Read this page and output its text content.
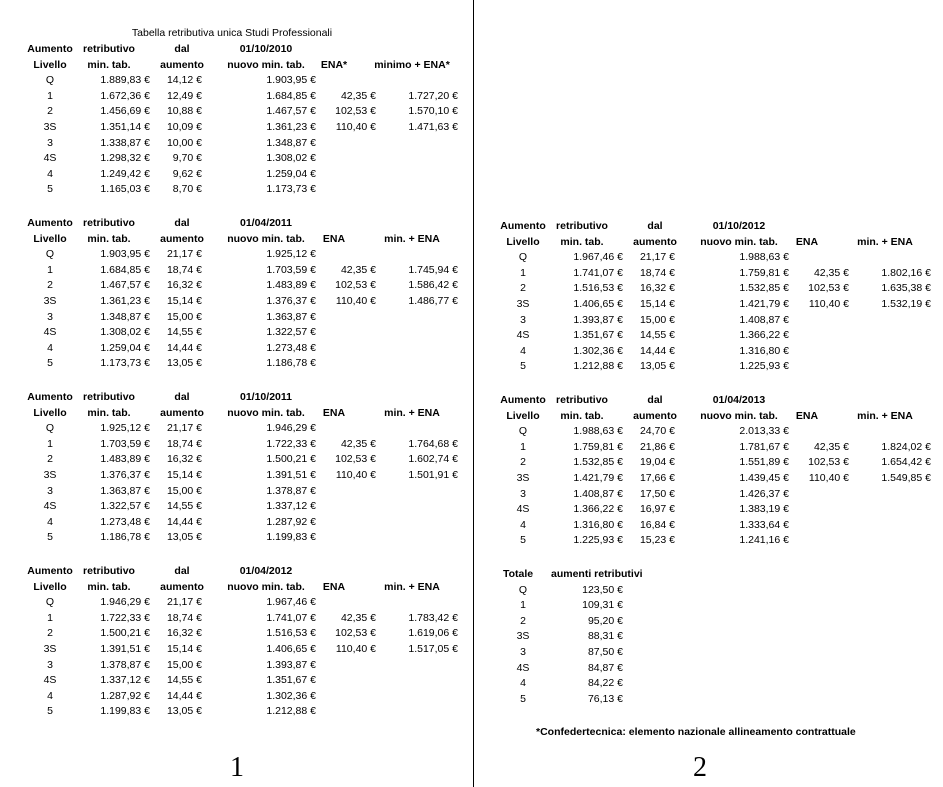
Tabella retributiva unica Studi Professionali
Aumento retributivo	dal	01/10/2010
Livello	min. tab.	aumento	nuovo min. tab.	ENA*	minimo + ENA*
Q	1.889,83 €	14,12 €	1.903,95 €
1	1.672,36 €	12,49 €	1.684,85 €	42,35 €	1.727,20 €
2	1.456,69 €	10,88 €	1.467,57 €	102,53 €	1.570,10 €
3S	1.351,14 €	10,09 €	1.361,23 €	110,40 €	1.471,63 €
3	1.338,87 €	10,00 €	1.348,87 €
4S	1.298,32 €	9,70 €	1.308,02 €
4	1.249,42 €	9,62 €	1.259,04 €
5	1.165,03 €	8,70 €	1.173,73 €
Aumento retributivo	dal	01/04/2011
Livello	min. tab.	aumento	nuovo min. tab.	ENA	min. + ENA
Q	1.903,95 €	21,17 €	1.925,12 €
1	1.684,85 €	18,74 €	1.703,59 €	42,35 €	1.745,94 €
2	1.467,57 €	16,32 €	1.483,89 €	102,53 €	1.586,42 €
3S	1.361,23 €	15,14 €	1.376,37 €	110,40 €	1.486,77 €
3	1.348,87 €	15,00 €	1.363,87 €
4S	1.308,02 €	14,55 €	1.322,57 €
4	1.259,04 €	14,44 €	1.273,48 €
5	1.173,73 €	13,05 €	1.186,78 €
Aumento retributivo	dal	01/10/2011
Livello	min. tab.	aumento	nuovo min. tab.	ENA	min. + ENA
Q	1.925,12 €	21,17 €	1.946,29 €
1	1.703,59 €	18,74 €	1.722,33 €	42,35 €	1.764,68 €
2	1.483,89 €	16,32 €	1.500,21 €	102,53 €	1.602,74 €
3S	1.376,37 €	15,14 €	1.391,51 €	110,40 €	1.501,91 €
3	1.363,87 €	15,00 €	1.378,87 €
4S	1.322,57 €	14,55 €	1.337,12 €
4	1.273,48 €	14,44 €	1.287,92 €
5	1.186,78 €	13,05 €	1.199,83 €
Aumento retributivo	dal	01/04/2012
Livello	min. tab.	aumento	nuovo min. tab.	ENA	min. + ENA
Q	1.946,29 €	21,17 €	1.967,46 €
1	1.722,33 €	18,74 €	1.741,07 €	42,35 €	1.783,42 €
2	1.500,21 €	16,32 €	1.516,53 €	102,53 €	1.619,06 €
3S	1.391,51 €	15,14 €	1.406,65 €	110,40 €	1.517,05 €
3	1.378,87 €	15,00 €	1.393,87 €
4S	1.337,12 €	14,55 €	1.351,67 €
4	1.287,92 €	14,44 €	1.302,36 €
5	1.199,83 €	13,05 €	1.212,88 €
Aumento retributivo	dal	01/10/2012
Livello	min. tab.	aumento	nuovo min. tab.	ENA	min. + ENA
Q	1.967,46 €	21,17 €	1.988,63 €
1	1.741,07 €	18,74 €	1.759,81 €	42,35 €	1.802,16 €
2	1.516,53 €	16,32 €	1.532,85 €	102,53 €	1.635,38 €
3S	1.406,65 €	15,14 €	1.421,79 €	110,40 €	1.532,19 €
3	1.393,87 €	15,00 €	1.408,87 €
4S	1.351,67 €	14,55 €	1.366,22 €
4	1.302,36 €	14,44 €	1.316,80 €
5	1.212,88 €	13,05 €	1.225,93 €
Aumento retributivo	dal	01/04/2013
Livello	min. tab.	aumento	nuovo min. tab.	ENA	min. + ENA
Q	1.988,63 €	24,70 €	2.013,33 €
1	1.759,81 €	21,86 €	1.781,67 €	42,35 €	1.824,02 €
2	1.532,85 €	19,04 €	1.551,89 €	102,53 €	1.654,42 €
3S	1.421,79 €	17,66 €	1.439,45 €	110,40 €	1.549,85 €
3	1.408,87 €	17,50 €	1.426,37 €
4S	1.366,22 €	16,97 €	1.383,19 €
4	1.316,80 €	16,84 €	1.333,64 €
5	1.225,93 €	15,23 €	1.241,16 €
Totale	aumenti retributivi
Q	123,50 €
1	109,31 €
2	95,20 €
3S	88,31 €
3	87,50 €
4S	84,87 €
4	84,22 €
5	76,13 €
*Confedertecnica: elemento nazionale allineamento contrattuale
1	2
